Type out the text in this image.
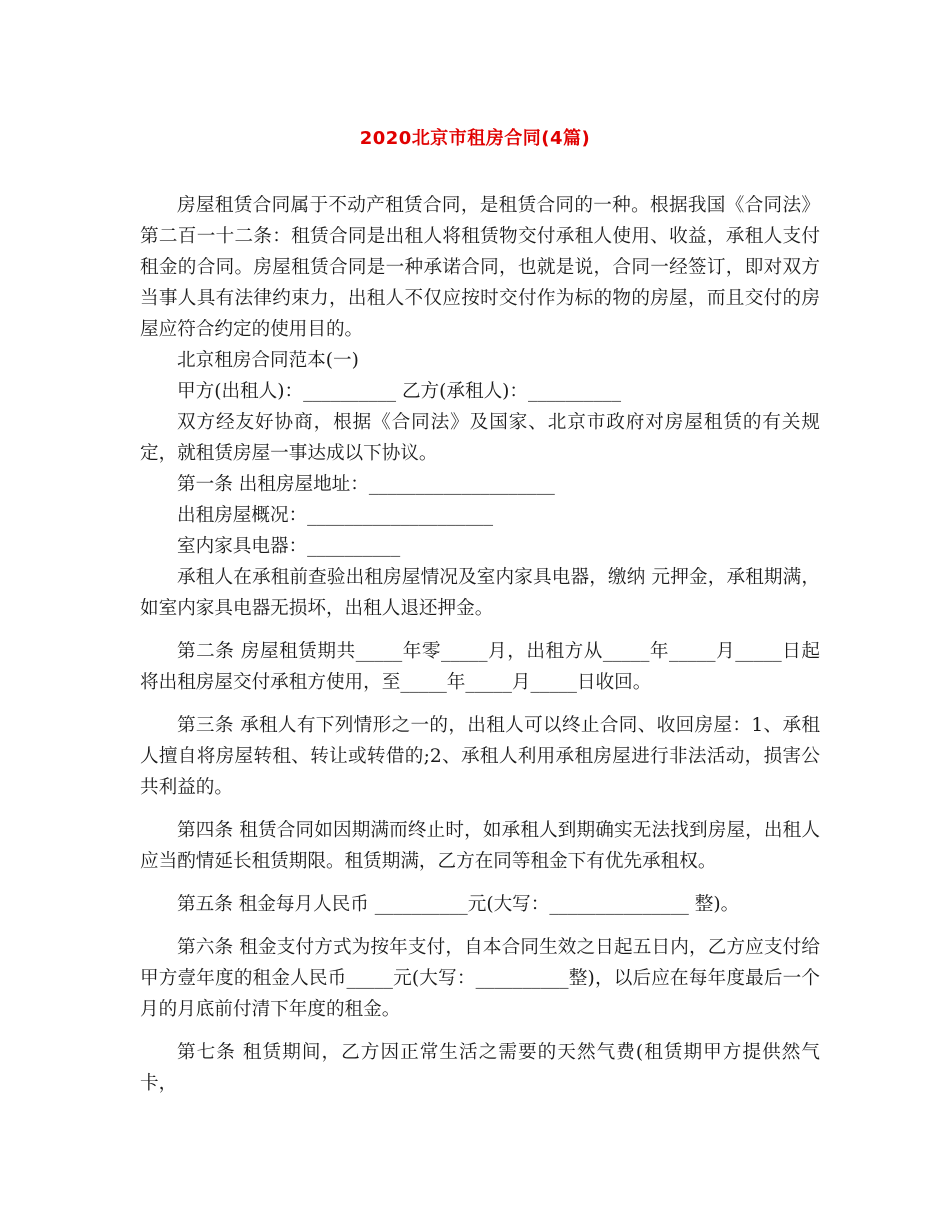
2020北京市租房合同(4篇)

房屋租赁合同属于不动产租赁合同，是租赁合同的一种。根据我国《合同法》第二百一十二条：租赁合同是出租人将租赁物交付承租人使用、收益，承租人支付租金的合同。房屋租赁合同是一种承诺合同，也就是说，合同一经签订，即对双方当事人具有法律约束力，出租人不仅应按时交付作为标的物的房屋，而且交付的房屋应符合约定的使用目的。

北京租房合同范本(一)

甲方(出租人)：__________ 乙方(承租人)：__________

双方经友好协商，根据《合同法》及国家、北京市政府对房屋租赁的有关规定，就租赁房屋一事达成以下协议。

第一条 出租房屋地址：____________________

出租房屋概况：____________________

室内家具电器：__________

承租人在承租前查验出租房屋情况及室内家具电器，缴纳 元押金，承租期满，如室内家具电器无损坏，出租人退还押金。

第二条 房屋租赁期共_____年零_____月，出租方从_____年_____月_____日起将出租房屋交付承租方使用，至_____年_____月_____日收回。

第三条 承租人有下列情形之一的，出租人可以终止合同、收回房屋：1、承租人擅自将房屋转租、转让或转借的;2、承租人利用承租房屋进行非法活动，损害公共利益的。

第四条 租赁合同如因期满而终止时，如承租人到期确实无法找到房屋，出租人应当酌情延长租赁期限。租赁期满，乙方在同等租金下有优先承租权。

第五条 租金每月人民币 __________元(大写：_______________ 整)。

第六条 租金支付方式为按年支付，自本合同生效之日起五日内，乙方应支付给甲方壹年度的租金人民币_____元(大写：__________整)，以后应在每年度最后一个月的月底前付清下年度的租金。

第七条 租赁期间，乙方因正常生活之需要的天然气费(租赁期甲方提供然气卡，
